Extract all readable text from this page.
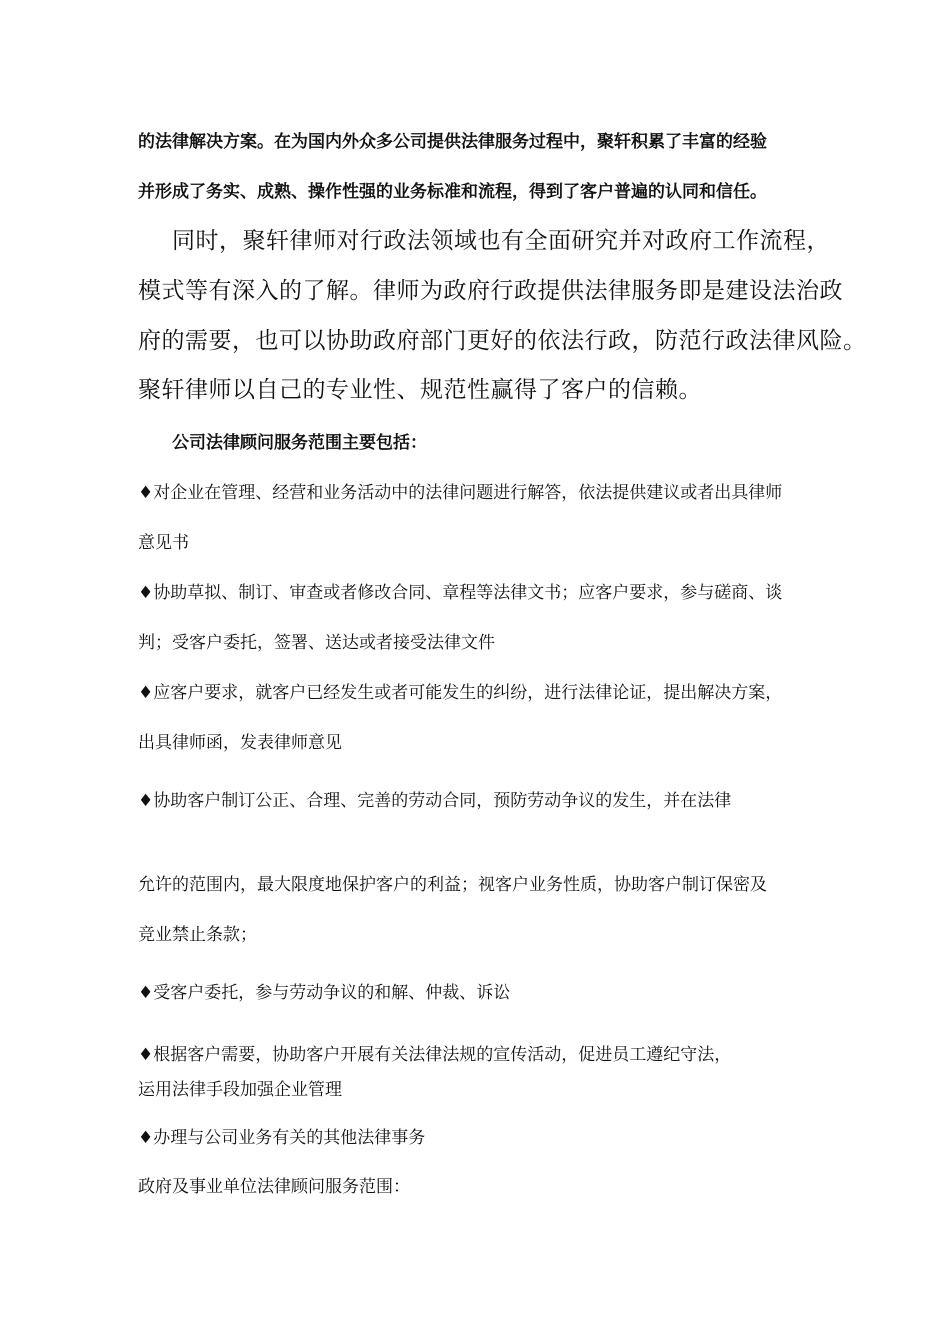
的法律解决方案。在为国内外众多公司提供法律服务过程中，聚轩积累了丰富的经验

并形成了务实、成熟、操作性强的业务标准和流程，得到了客户普遍的认同和信任。

同时，聚轩律师对行政法领域也有全面研究并对政府工作流程，

模式等有深入的了解。律师为政府行政提供法律服务即是建设法治政

府的需要，也可以协助政府部门更好的依法行政，防范行政法律风险。

聚轩律师以自己的专业性、规范性赢得了客户的信赖。

公司法律顾问服务范围主要包括：

♦对企业在管理、经营和业务活动中的法律问题进行解答，依法提供建议或者出具律师

意见书

♦协助草拟、制订、审查或者修改合同、章程等法律文书；应客户要求，参与磋商、谈

判；受客户委托，签署、送达或者接受法律文件

♦应客户要求，就客户已经发生或者可能发生的纠纷，进行法律论证，提出解决方案，

出具律师函，发表律师意见

♦协助客户制订公正、合理、完善的劳动合同，预防劳动争议的发生，并在法律

允许的范围内，最大限度地保护客户的利益；视客户业务性质，协助客户制订保密及

竞业禁止条款；

♦受客户委托，参与劳动争议的和解、仲裁、诉讼

♦根据客户需要，协助客户开展有关法律法规的宣传活动，促进员工遵纪守法，

运用法律手段加强企业管理

♦办理与公司业务有关的其他法律事务

政府及事业单位法律顾问服务范围：
